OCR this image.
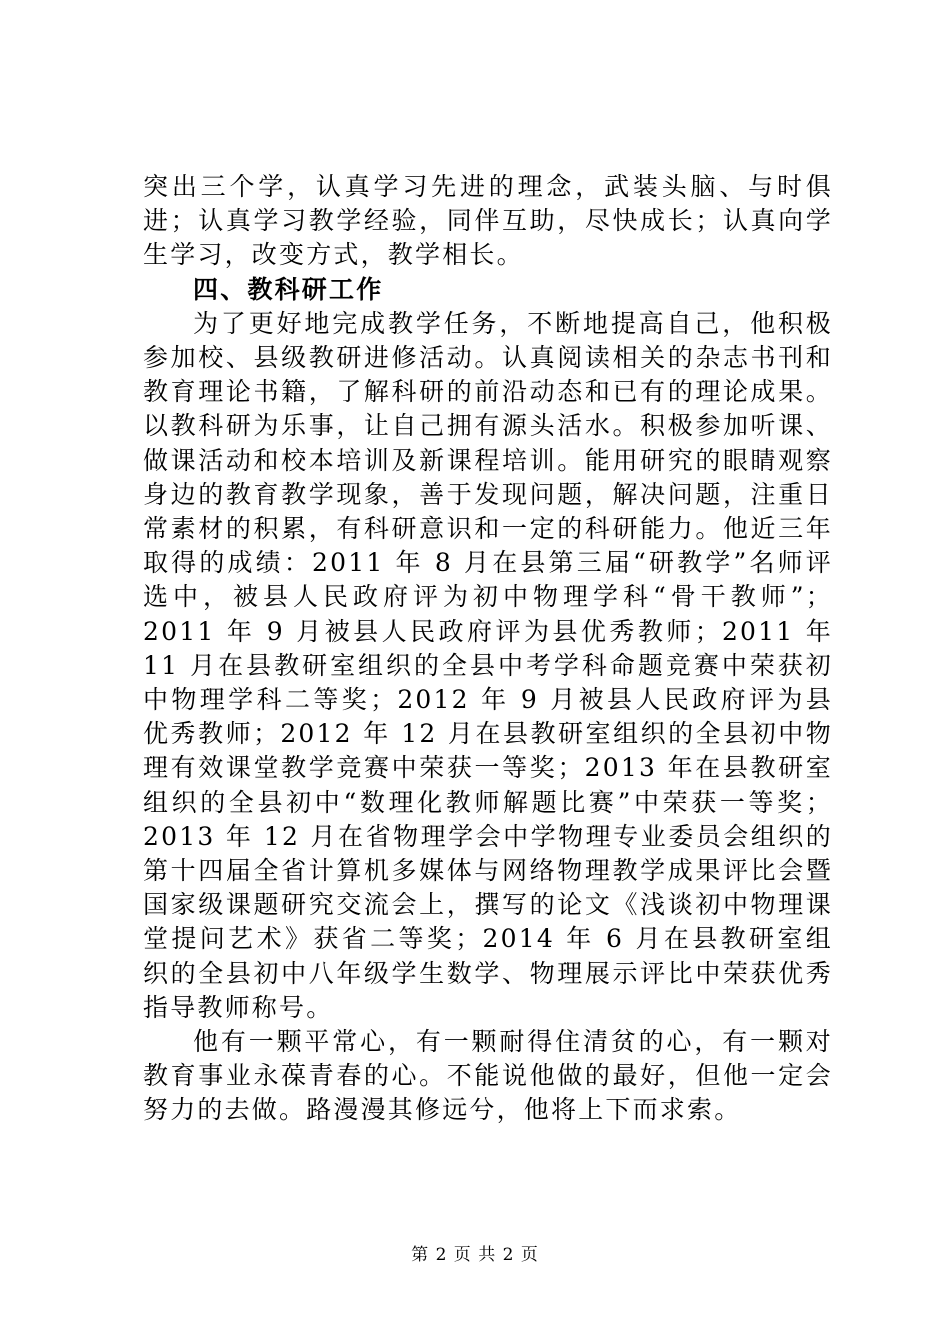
突出三个学，认真学习先进的理念，武装头脑、与时俱进；认真学习教学经验，同伴互助，尽快成长；认真向学生学习，改变方式，教学相长。

四、教科研工作

为了更好地完成教学任务，不断地提高自己，他积极参加校、县级教研进修活动。认真阅读相关的杂志书刊和教育理论书籍，了解科研的前沿动态和已有的理论成果。以教科研为乐事，让自己拥有源头活水。积极参加听课、做课活动和校本培训及新课程培训。能用研究的眼睛观察身边的教育教学现象，善于发现问题，解决问题，注重日常素材的积累，有科研意识和一定的科研能力。他近三年取得的成绩：2011 年 8 月在县第三届“研教学”名师评选中，被县人民政府评为初中物理学科“骨干教师”；2011 年 9 月被县人民政府评为县优秀教师；2011 年 11 月在县教研室组织的全县中考学科命题竞赛中荣获初中物理学科二等奖；2012 年 9 月被县人民政府评为县优秀教师；2012 年 12 月在县教研室组织的全县初中物理有效课堂教学竞赛中荣获一等奖；2013 年在县教研室组织的全县初中“数理化教师解题比赛”中荣获一等奖；2013 年 12 月在省物理学会中学物理专业委员会组织的第十四届全省计算机多媒体与网络物理教学成果评比会暨国家级课题研究交流会上，撰写的论文《浅谈初中物理课堂提问艺术》获省二等奖；2014 年 6 月在县教研室组织的全县初中八年级学生数学、物理展示评比中荣获优秀指导教师称号。

他有一颗平常心，有一颗耐得住清贫的心，有一颗对教育事业永葆青春的心。不能说他做的最好，但他一定会努力的去做。路漫漫其修远兮，他将上下而求索。

第 2 页 共 2 页
